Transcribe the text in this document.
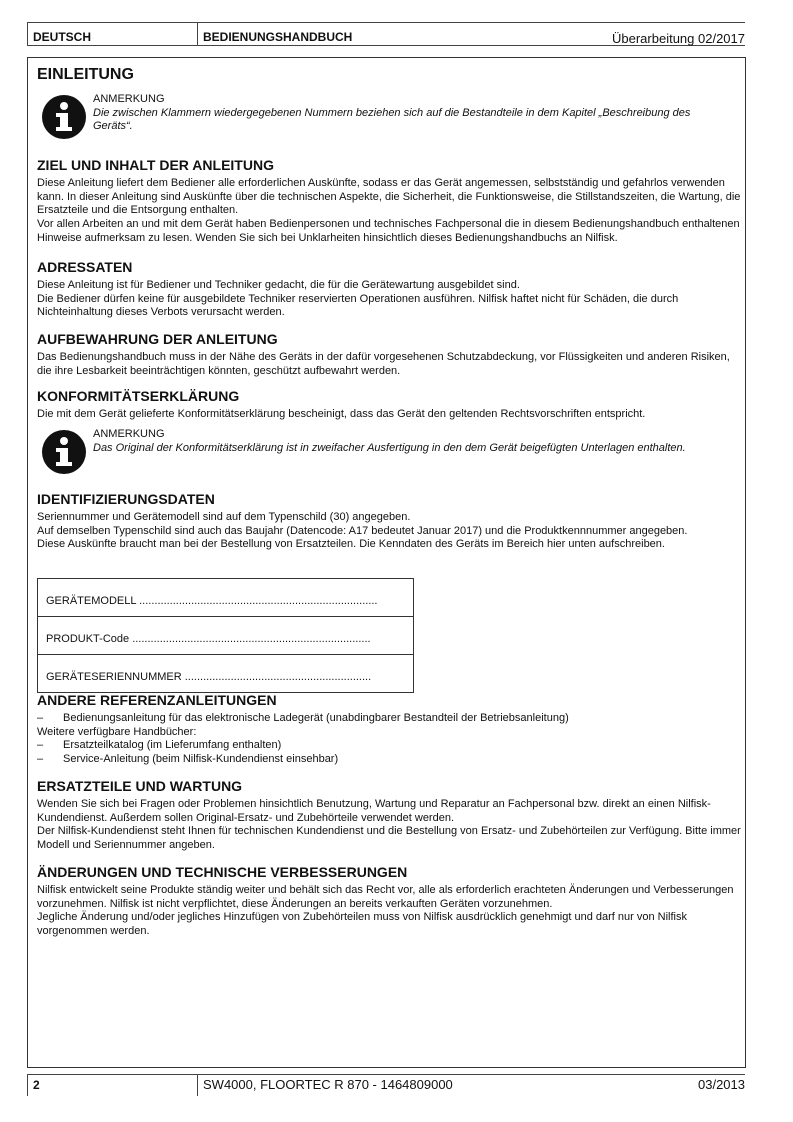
DEUTSCH	BEDIENUNGSHANDBUCH	Überarbeitung 02/2017
EINLEITUNG
ANMERKUNG
Die zwischen Klammern wiedergegebenen Nummern beziehen sich auf die Bestandteile in dem Kapitel „Beschreibung des Geräts“.
ZIEL UND INHALT DER ANLEITUNG
Diese Anleitung liefert dem Bediener alle erforderlichen Auskünfte, sodass er das Gerät angemessen, selbstständig und gefahrlos verwenden kann. In dieser Anleitung sind Auskünfte über die technischen Aspekte, die Sicherheit, die Funktionsweise, die Stillstandszeiten, die Wartung, die Ersatzteile und die Entsorgung enthalten.
Vor allen Arbeiten an und mit dem Gerät haben Bedienpersonen und technisches Fachpersonal die in diesem Bedienungshandbuch enthaltenen Hinweise aufmerksam zu lesen. Wenden Sie sich bei Unklarheiten hinsichtlich dieses Bedienungshandbuchs an Nilfisk.
ADRESSATEN
Diese Anleitung ist für Bediener und Techniker gedacht, die für die Gerätewartung ausgebildet sind.
Die Bediener dürfen keine für ausgebildete Techniker reservierten Operationen ausführen. Nilfisk haftet nicht für Schäden, die durch Nichteinhaltung dieses Verbots verursacht werden.
AUFBEWAHRUNG DER ANLEITUNG
Das Bedienungshandbuch muss in der Nähe des Geräts in der dafür vorgesehenen Schutzabdeckung, vor Flüssigkeiten und anderen Risiken, die ihre Lesbarkeit beeinträchtigen könnten, geschützt aufbewahrt werden.
KONFORMITÄTSERKLÄRUNG
Die mit dem Gerät gelieferte Konformitätserklärung bescheinigt, dass das Gerät den geltenden Rechtsvorschriften entspricht.
ANMERKUNG
Das Original der Konformitätserklärung ist in zweifacher Ausfertigung in den dem Gerät beigefügten Unterlagen enthalten.
IDENTIFIZIERUNGSDATEN
Seriennummer und Gerätemodell sind auf dem Typenschild (30) angegeben.
Auf demselben Typenschild sind auch das Baujahr (Datencode: A17 bedeutet Januar 2017) und die Produktkennnummer angegeben.
Diese Auskünfte braucht man bei der Bestellung von Ersatzteilen. Die Kenndaten des Geräts im Bereich hier unten aufschreiben.
GERÄTEMODELL ..............................................................................
PRODUKT-Code ..............................................................................
GERÄTESERIENNUMMER .............................................................
ANDERE REFERENZANLEITUNGEN
– Bedienungsanleitung für das elektronische Ladegerät (unabdingbarer Bestandteil der Betriebsanleitung)
Weitere verfügbare Handbücher:
– Ersatzteilkatalog (im Lieferumfang enthalten)
– Service-Anleitung (beim Nilfisk-Kundendienst einsehbar)
ERSATZTEILE UND WARTUNG
Wenden Sie sich bei Fragen oder Problemen hinsichtlich Benutzung, Wartung und Reparatur an Fachpersonal bzw. direkt an einen Nilfisk-Kundendienst. Außerdem sollen Original-Ersatz- und Zubehörteile verwendet werden.
Der Nilfisk-Kundendienst steht Ihnen für technischen Kundendienst und die Bestellung von Ersatz- und Zubehörteilen zur Verfügung. Bitte immer Modell und Seriennummer angeben.
ÄNDERUNGEN UND TECHNISCHE VERBESSERUNGEN
Nilfisk entwickelt seine Produkte ständig weiter und behält sich das Recht vor, alle als erforderlich erachteten Änderungen und Verbesserungen vorzunehmen. Nilfisk ist nicht verpflichtet, diese Änderungen an bereits verkauften Geräten vorzunehmen.
Jegliche Änderung und/oder jegliches Hinzufügen von Zubehörteilen muss von Nilfisk ausdrücklich genehmigt und darf nur von Nilfisk vorgenommen werden.
2	SW4000, FLOORTEC R 870 - 1464809000	03/2013
